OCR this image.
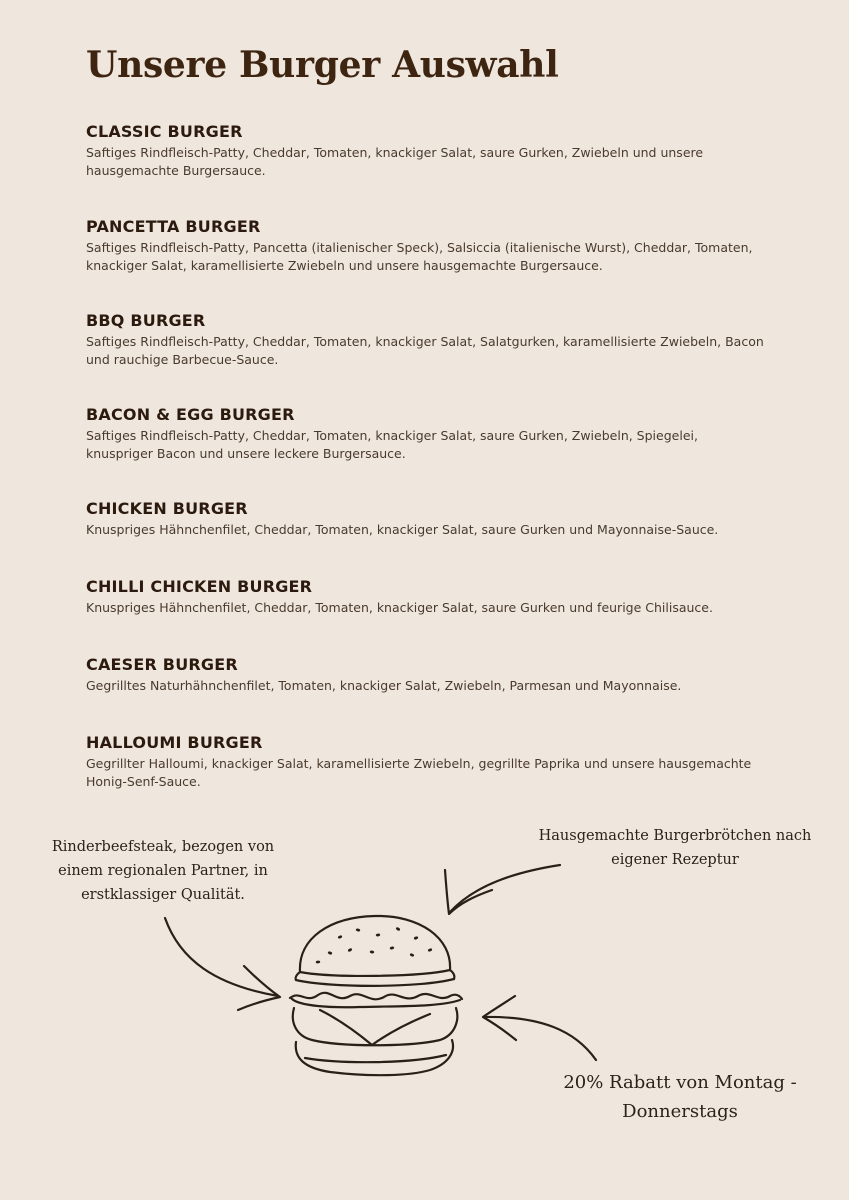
Unsere Burger Auswahl

CLASSIC BURGER

Saftiges Rindfleisch-Patty, Cheddar, Tomaten, knackiger Salat, saure Gurken, Zwiebeln und unsere hausgemachte Burgersauce.

PANCETTA BURGER

Saftiges Rindfleisch-Patty, Pancetta (italienischer Speck), Salsiccia (italienische Wurst), Cheddar, Tomaten, knackiger Salat, karamellisierte Zwiebeln und unsere hausgemachte Burgersauce.

BBQ BURGER

Saftiges Rindfleisch-Patty, Cheddar, Tomaten, knackiger Salat, Salatgurken, karamellisierte Zwiebeln, Bacon und rauchige Barbecue-Sauce.

BACON & EGG BURGER

Saftiges Rindfleisch-Patty, Cheddar, Tomaten, knackiger Salat, saure Gurken, Zwiebeln, Spiegelei, knuspriger Bacon und unsere leckere Burgersauce.

CHICKEN BURGER

Knuspriges Hähnchenfilet, Cheddar, Tomaten, knackiger Salat, saure Gurken und Mayonnaise-Sauce.

CHILLI CHICKEN BURGER

Knuspriges Hähnchenfilet, Cheddar, Tomaten, knackiger Salat, saure Gurken und feurige Chilisauce.

CAESER BURGER

Gegrilltes Naturhähnchenfilet, Tomaten, knackiger Salat, Zwiebeln, Parmesan und Mayonnaise.

HALLOUMI BURGER

Gegrillter Halloumi, knackiger Salat, karamellisierte Zwiebeln, gegrillte Paprika und unsere hausgemachte Honig-Senf-Sauce.

Rinderbeefsteak, bezogen von einem regionalen Partner, in erstklassiger Qualität.
Hausgemachte Burgerbrötchen nach eigener Rezeptur
20% Rabatt von Montag - Donnerstags
